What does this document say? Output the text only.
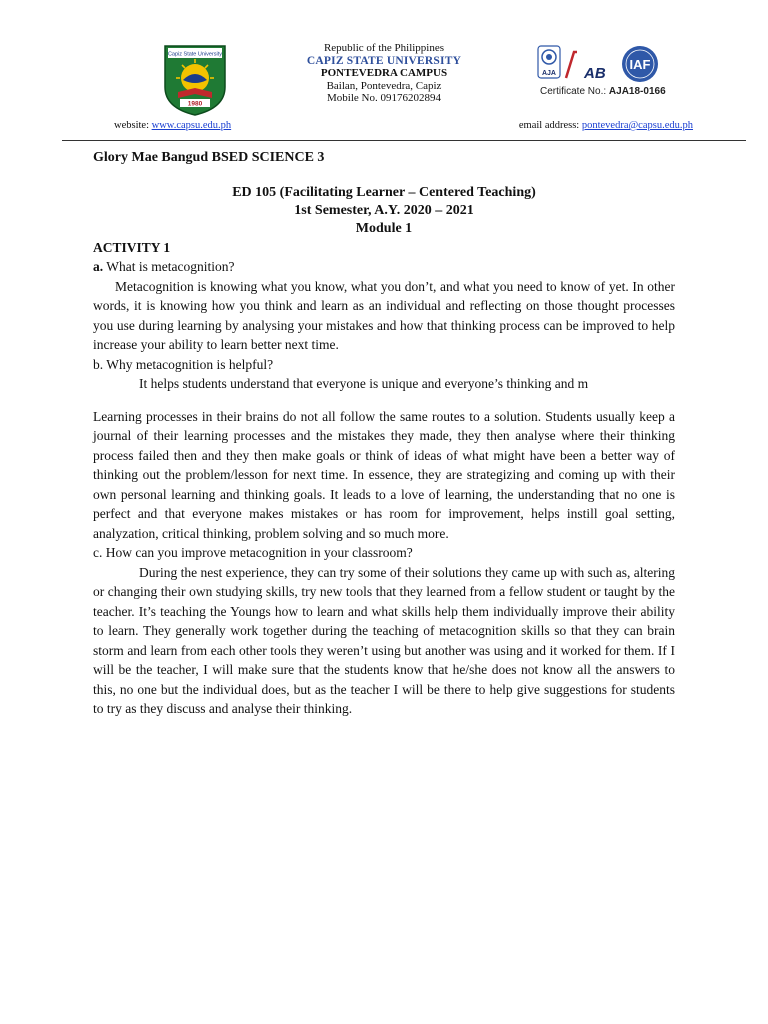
Capiz State University
1980
Republic of the Philippines
CAPIZ STATE UNIVERSITY
PONTEVEDRA CAMPUS
Bailan, Pontevedra, Capiz
Mobile No. 09176202894
AJA AB
IAF
Certificate No.: AJA18-0166
website: www.capsu.edu.ph	email address: pontevedra@capsu.edu.ph

Glory Mae Bangud BSED SCIENCE 3

ED 105 (Facilitating Learner – Centered Teaching)
1st Semester, A.Y. 2020 – 2021
Module 1

ACTIVITY 1

a. What is metacognition?

Metacognition is knowing what you know, what you don’t, and what you need to know of yet. In other words, it is knowing how you think and learn as an individual and reflecting on those thought processes you use during learning by analysing your mistakes and how that thinking process can be improved to help increase your ability to learn better next time.

b. Why metacognition is helpful?

It helps students understand that everyone is unique and everyone’s thinking and m

Learning processes in their brains do not all follow the same routes to a solution. Students usually keep a journal of their learning processes and the mistakes they made, they then analyse where their thinking process failed then and they then make goals or think of ideas of what might have been a better way of thinking out the problem/lesson for next time. In essence, they are strategizing and coming up with their own personal learning and thinking goals. It leads to a love of learning, the understanding that no one is perfect and that everyone makes mistakes or has room for improvement, helps instill goal setting, analyzation, critical thinking, problem solving and so much more.

c. How can you improve metacognition in your classroom?

During the nest experience, they can try some of their solutions they came up with such as, altering or changing their own studying skills, try new tools that they learned from a fellow student or taught by the teacher. It’s teaching the Youngs how to learn and what skills help them individually improve their ability to learn. They generally work together during the teaching of metacognition skills so that they can brain storm and learn from each other tools they weren’t using but another was using and it worked for them. If I will be the teacher, I will make sure that the students know that he/she does not know all the answers to this, no one but the individual does, but as the teacher I will be there to help give suggestions for students to try as they discuss and analyse their thinking.
